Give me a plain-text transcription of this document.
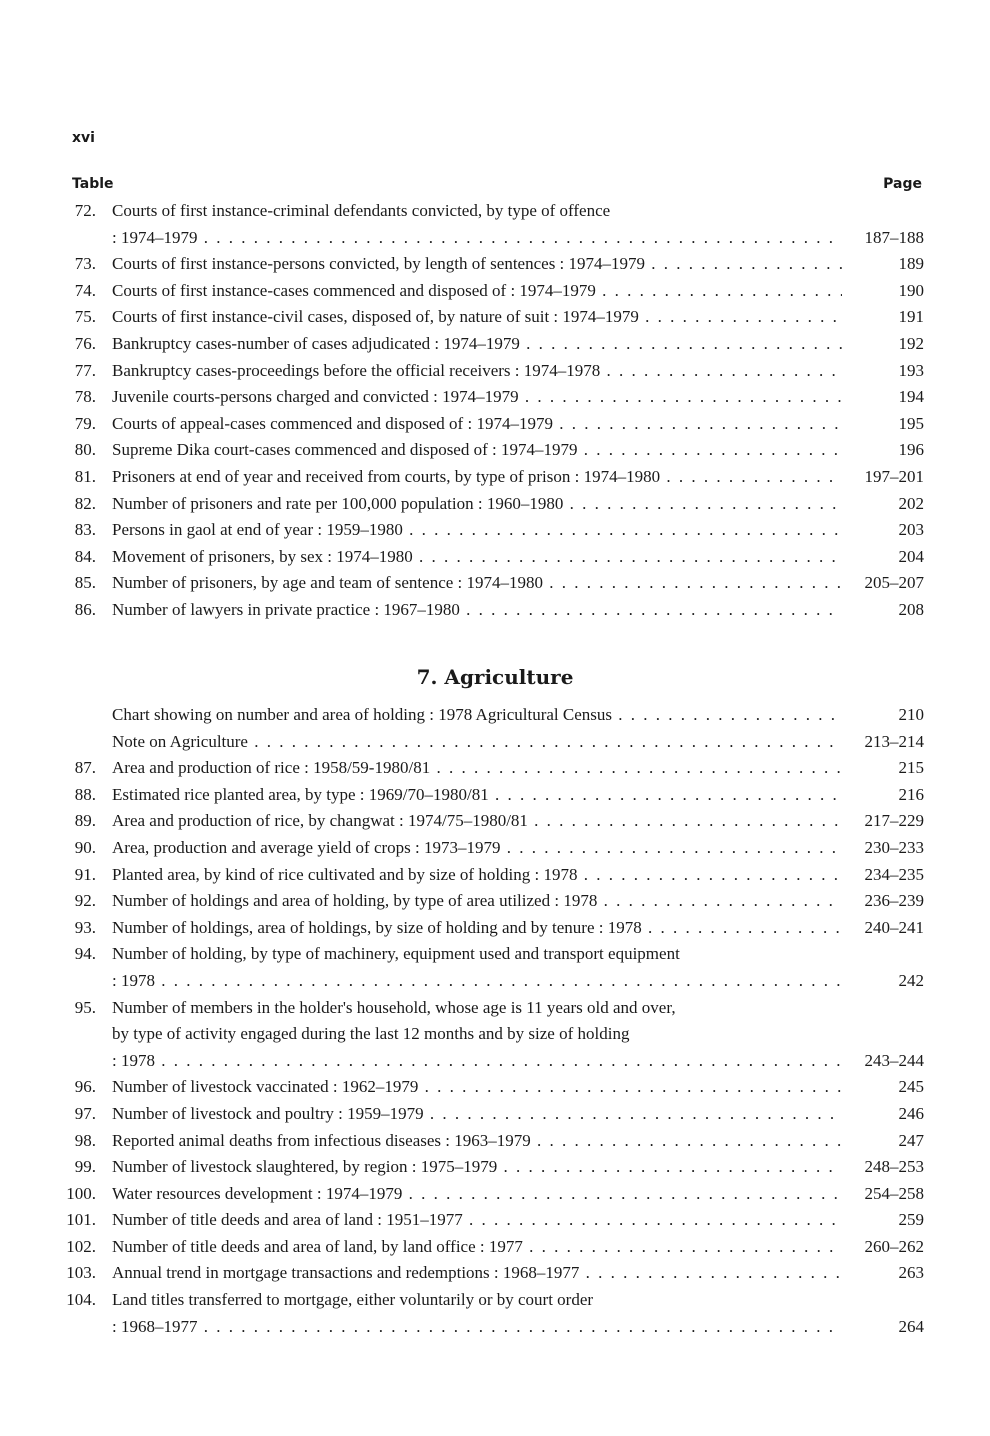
xvi
Table	Page
72. Courts of first instance-criminal defendants convicted, by type of offence
: 1974–1979 . . .	187–188
73. Courts of first instance-persons convicted, by length of sentences : 1974–1979 . . .	189
74. Courts of first instance-cases commenced and disposed of : 1974–1979 . . .	190
75. Courts of first instance-civil cases, disposed of, by nature of suit : 1974–1979 . . .	191
76. Bankruptcy cases-number of cases adjudicated : 1974–1979 . . .	192
77. Bankruptcy cases-proceedings before the official receivers : 1974–1978 . . .	193
78. Juvenile courts-persons charged and convicted : 1974–1979 . . .	194
79. Courts of appeal-cases commenced and disposed of : 1974–1979 . . .	195
80. Supreme Dika court-cases commenced and disposed of : 1974–1979 . . .	196
81. Prisoners at end of year and received from courts, by type of prison : 1974–1980 . . .	197–201
82. Number of prisoners and rate per 100,000 population : 1960–1980 . . .	202
83. Persons in gaol at end of year : 1959–1980 . . .	203
84. Movement of prisoners, by sex : 1974–1980 . . .	204
85. Number of prisoners, by age and team of sentence : 1974–1980 . . .	205–207
86. Number of lawyers in private practice : 1967–1980 . . .	208
7. Agriculture
Chart showing on number and area of holding : 1978 Agricultural Census . . .	210
Note on Agriculture . . .	213–214
87. Area and production of rice : 1958/59-1980/81 . . .	215
88. Estimated rice planted area, by type : 1969/70–1980/81 . . .	216
89. Area and production of rice, by changwat : 1974/75–1980/81 . . .	217–229
90. Area, production and average yield of crops : 1973–1979 . . .	230–233
91. Planted area, by kind of rice cultivated and by size of holding : 1978 . . .	234–235
92. Number of holdings and area of holding, by type of area utilized : 1978 . . .	236–239
93. Number of holdings, area of holdings, by size of holding and by tenure : 1978 . . .	240–241
94. Number of holding, by type of machinery, equipment used and transport equipment
: 1978 . . .	242
95. Number of members in the holder's household, whose age is 11 years old and over,
by type of activity engaged during the last 12 months and by size of holding
: 1978 . . .	243–244
96. Number of livestock vaccinated : 1962–1979 . . .	245
97. Number of livestock and poultry : 1959–1979 . . .	246
98. Reported animal deaths from infectious diseases : 1963–1979 . . .	247
99. Number of livestock slaughtered, by region : 1975–1979 . . .	248–253
100. Water resources development : 1974–1979 . . .	254–258
101. Number of title deeds and area of land : 1951–1977 . . .	259
102. Number of title deeds and area of land, by land office : 1977 . . .	260–262
103. Annual trend in mortgage transactions and redemptions : 1968–1977 . . .	263
104. Land titles transferred to mortgage, either voluntarily or by court order
: 1968–1977 . . .	264
